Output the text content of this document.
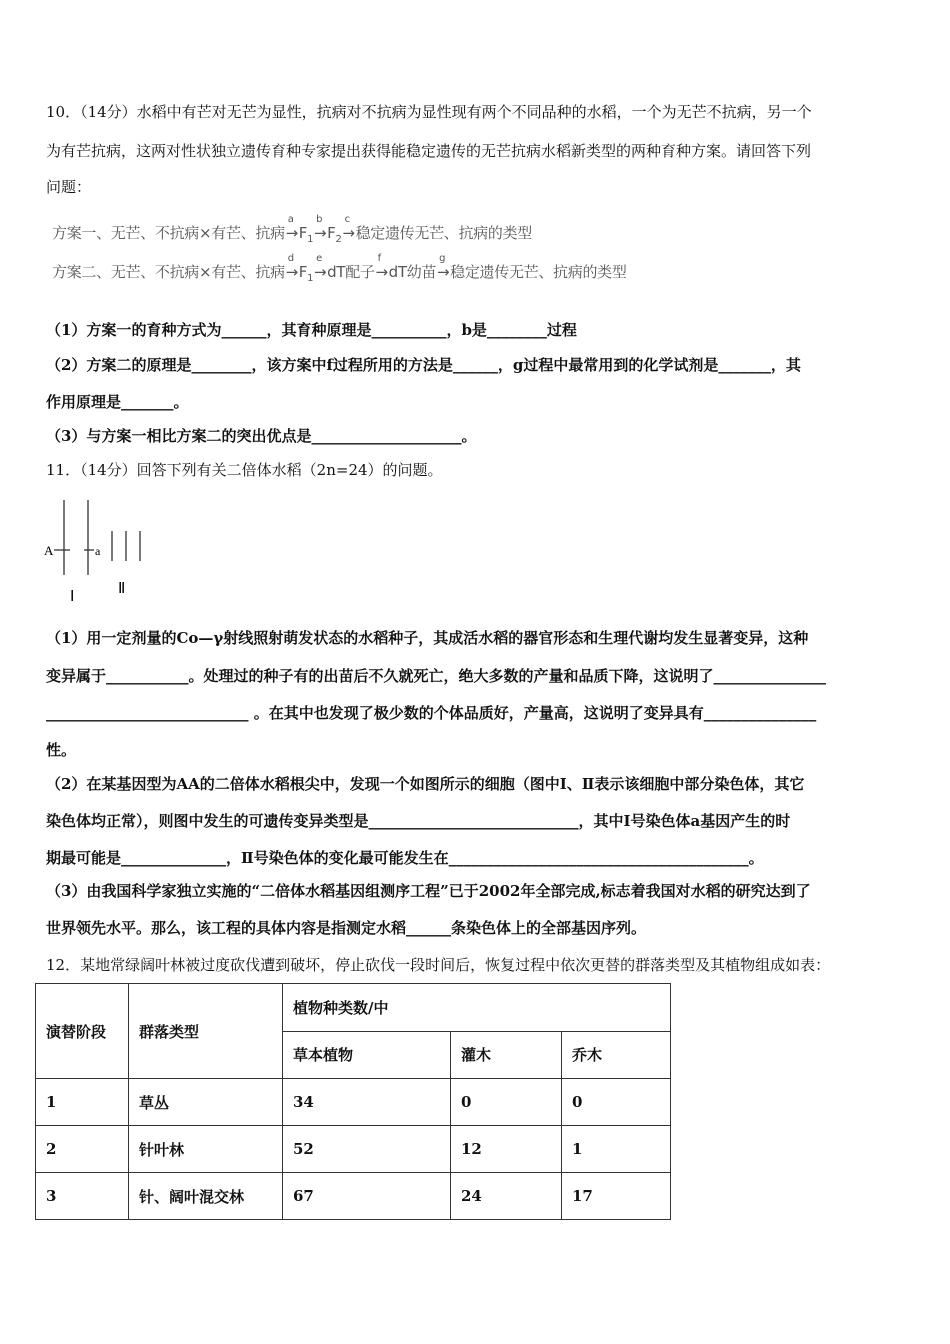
10．（14分）水稻中有芒对无芒为显性，抗病对不抗病为显性现有两个不同品种的水稻，一个为无芒不抗病，另一个
为有芒抗病，这两对性状独立遗传育种专家提出获得能稳定遗传的无芒抗病水稻新类型的两种育种方案。请回答下列
问题：
方案一、无芒、不抗病×有芒、抗病
a
$\to F_1$
b
$\to F_2$
c
→稳定遗传无芒、抗病的类型
方案二、无芒、不抗病×有芒、抗病
d
$\to F_1$
e
→dT配子
f
→dT幼苗
g
→稳定遗传无芒、抗病的类型
（1）方案一的育种方式为______，其育种原理是__________，b是________过程
（2）方案二的原理是________，该方案中f过程所用的方法是______，g过程中最常用到的化学试剂是_______，其
作用原理是_______。
（3）与方案一相比方案二的突出优点是____________________。
11．（14分）回答下列有关二倍体水稻（2n=24）的问题。
A	a
Ⅰ	Ⅱ
（1）用一定剂量的Co—γ射线照射萌发状态的水稻种子，其成活水稻的器官形态和生理代谢均发生显著变异，这种
变异属于___________。处理过的种子有的出苗后不久就死亡，绝大多数的产量和品质下降，这说明了_______________
___________________________ 。在其中也发现了极少数的个体品质好，产量高，这说明了变异具有_______________
性。
（2）在某基因型为AA的二倍体水稻根尖中，发现一个如图所示的细胞（图中Ⅰ、Ⅱ表示该细胞中部分染色体，其它
染色体均正常），则图中发生的可遗传变异类型是____________________________，其中Ⅰ号染色体a基因产生的时
期最可能是______________，Ⅱ号染色体的变化最可能发生在________________________________________。
（3）由我国科学家独立实施的“二倍体水稻基因组测序工程”已于2002年全部完成,标志着我国对水稻的研究达到了
世界领先水平。那么，该工程的具体内容是指测定水稻______条染色体上的全部基因序列。
12．某地常绿阔叶林被过度砍伐遭到破坏，停止砍伐一段时间后，恢复过程中依次更替的群落类型及其植物组成如表：
演替阶段	群落类型	植物种类数/中		
		草本植物	灌木	乔木
1	草丛	34	0	0
2	针叶林	52	12	1
3	针、阔叶混交林	67	24	17
